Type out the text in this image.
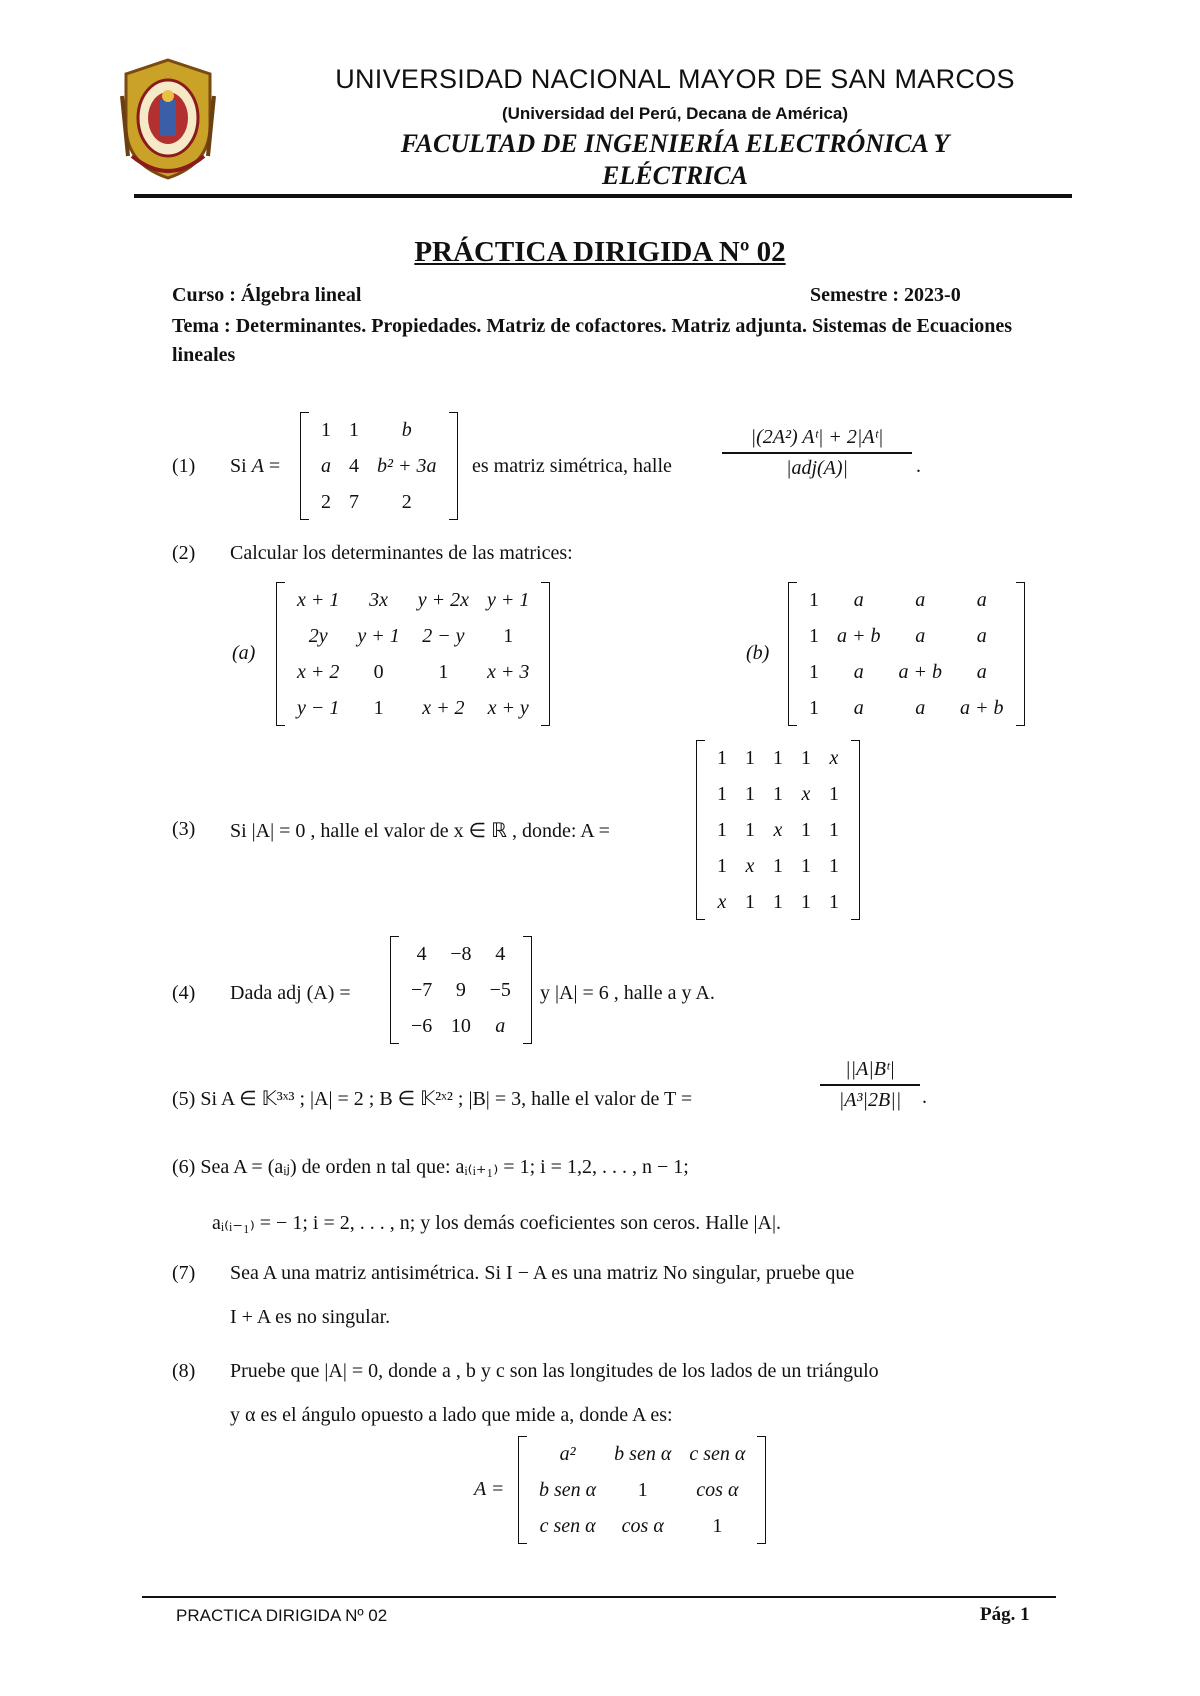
UNIVERSIDAD NACIONAL MAYOR DE SAN MARCOS
(Universidad del Perú, Decana de América)
FACULTAD DE INGENIERÍA ELECTRÓNICA Y
ELÉCTRICA
PRÁCTICA DIRIGIDA Nº 02
Curso : Álgebra lineal	Semestre : 2023-0
Tema : Determinantes. Propiedades. Matriz de cofactores. Matriz adjunta. Sistemas de Ecuaciones lineales
(1) Si A =
1	1	b
a	4	b² + 3a
2	7	2
es matriz simétrica, halle
|(2A²) Aᵗ| + 2|Aᵗ|
|adj(A)|	.
(2) Calcular los determinantes de las matrices:
(a)
x + 1	3x	y + 2x	y + 1
2y	y + 1	2 − y	1
x + 2	0	1	x + 3
y − 1	1	x + 2	x + y
(b)
1	a	a	a
1	a + b	a	a
1	a	a + b	a
1	a	a	a + b
(3) Si |A| = 0 , halle el valor de x ∈ ℝ , donde: A =
1	1	1	1	x
1	1	1	x	1
1	1	x	1	1
1	x	1	1	1
x	1	1	1	1
(4) Dada adj (A) =
4	−8	4
−7	9	−5
−6	10	a
y |A| = 6 , halle a y A.
(5) Si A ∈ 𝕂³ˣ³ ; |A| = 2 ; B ∈ 𝕂²ˣ² ; |B| = 3, halle el valor de T =
||A|Bᵗ|
|A³|2B||	.
(6) Sea A = (aᵢⱼ) de orden n tal que: aᵢ₍ᵢ₊₁₎ = 1; i = 1,2, . . . , n − 1;
aᵢ₍ᵢ₋₁₎ = − 1; i = 2, . . . , n; y los demás coeficientes son ceros. Halle |A|.
(7) Sea A una matriz antisimétrica. Si I − A es una matriz No singular, pruebe que
I + A es no singular.
(8) Pruebe que |A| = 0, donde a , b y c son las longitudes de los lados de un triángulo
y α es el ángulo opuesto a lado que mide a, donde A es:
A =
a²	b sen α	c sen α
b sen α	1	cos α
c sen α	cos α	1
PRACTICA DIRIGIDA Nº 02	Pág. 1
